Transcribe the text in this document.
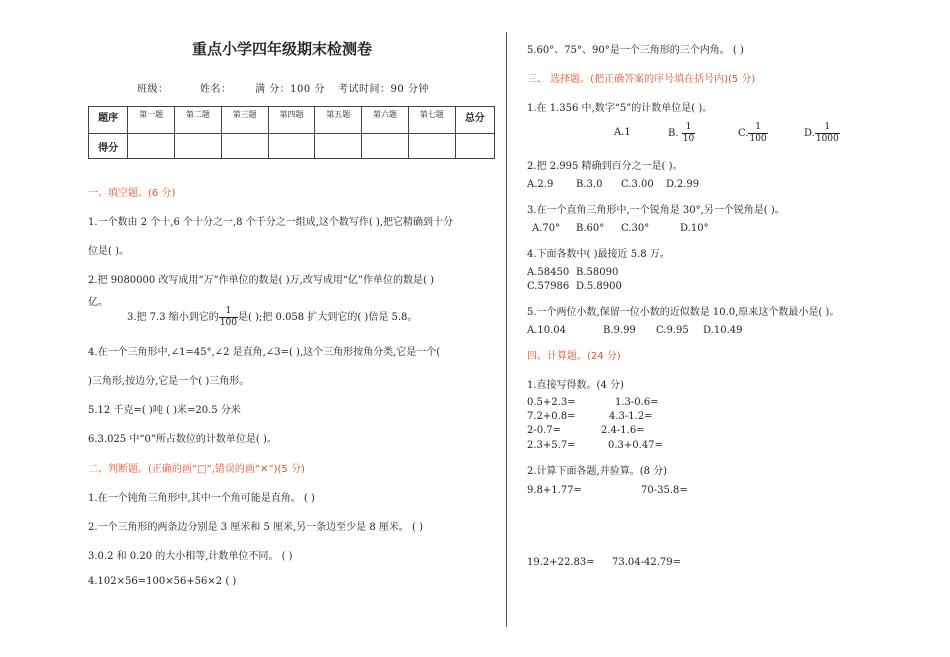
重点小学四年级期末检测卷
班级：	姓名： 满 分：100 分 考试时间：90 分钟
题序	第一题	第二题	第三题	第四题	第五题	第六题	第七题	总分
得分								
一、填空题。(6 分)
1.一个数由 2 个十,6 个十分之一,8 个千分之一组成,这个数写作( ),把它精确到十分
位是( )。
2.把 9080000 改写成用“万”作单位的数是( )万,改写成用“亿”作单位的数是( )
亿。
3.把 7.3 缩小到它的 $\frac{1}{100}$ 是( );把 0.058 扩大到它的( )倍是 5.8。
4.在一个三角形中,∠1=45°,∠2 是直角,∠3=( ),这个三角形按角分类,它是一个(
)三角形,按边分,它是一个( )三角形。
5.12 千克=( )吨 ( )米=20.5 分米
6.3.025 中“0”所占数位的计数单位是( )。
二、判断题。(正确的画“□”,错误的画“✕”)(5 分)
1.在一个钝角三角形中,其中一个角可能是直角。 ( )
2.一个三角形的两条边分别是 3 厘米和 5 厘米,另一条边至少是 8 厘米。 ( )
3.0.2 和 0.20 的大小相等,计数单位不同。 ( )
4.102×56=100×56+56×2 ( )
5.60°、75°、90°是一个三角形的三个内角。 ( )
三、 选择题。(把正确答案的序号填在括号内)(5 分)
1.在 1.356 中,数字“5”的计数单位是( )。
A.1	B. $\frac{1}{10}$	C. $\frac{1}{100}$	D. $\frac{1}{1000}$
2.把 2.995 精确到百分之一是( )。
A.2.9 B.3.0 C.3.00 D.2.99
3.在一个直角三角形中,一个锐角是 30°,另一个锐角是( )。
A.70° B.60° C.30°	D.10°
4.下面各数中( )最接近 5.8 万。
A.58450 B.58090
C.57986 D.5.8900
5.一个两位小数,保留一位小数的近似数是 10.0,原来这个数最小是( )。
A.10.04	B.9.99 C.9.95 D.10.49
四、计算题。(24 分)
1.直接写得数。(4 分)
0.5+2.3=	1.3-0.6=
7.2+0.8=	4.3-1.2=
2-0.7=	2.4-1.6=
2.3+5.7=	0.3+0.47=
2.计算下面各题,并验算。(8 分)
9.8+1.77=	70-35.8=
19.2+22.83= 73.04-42.79=
